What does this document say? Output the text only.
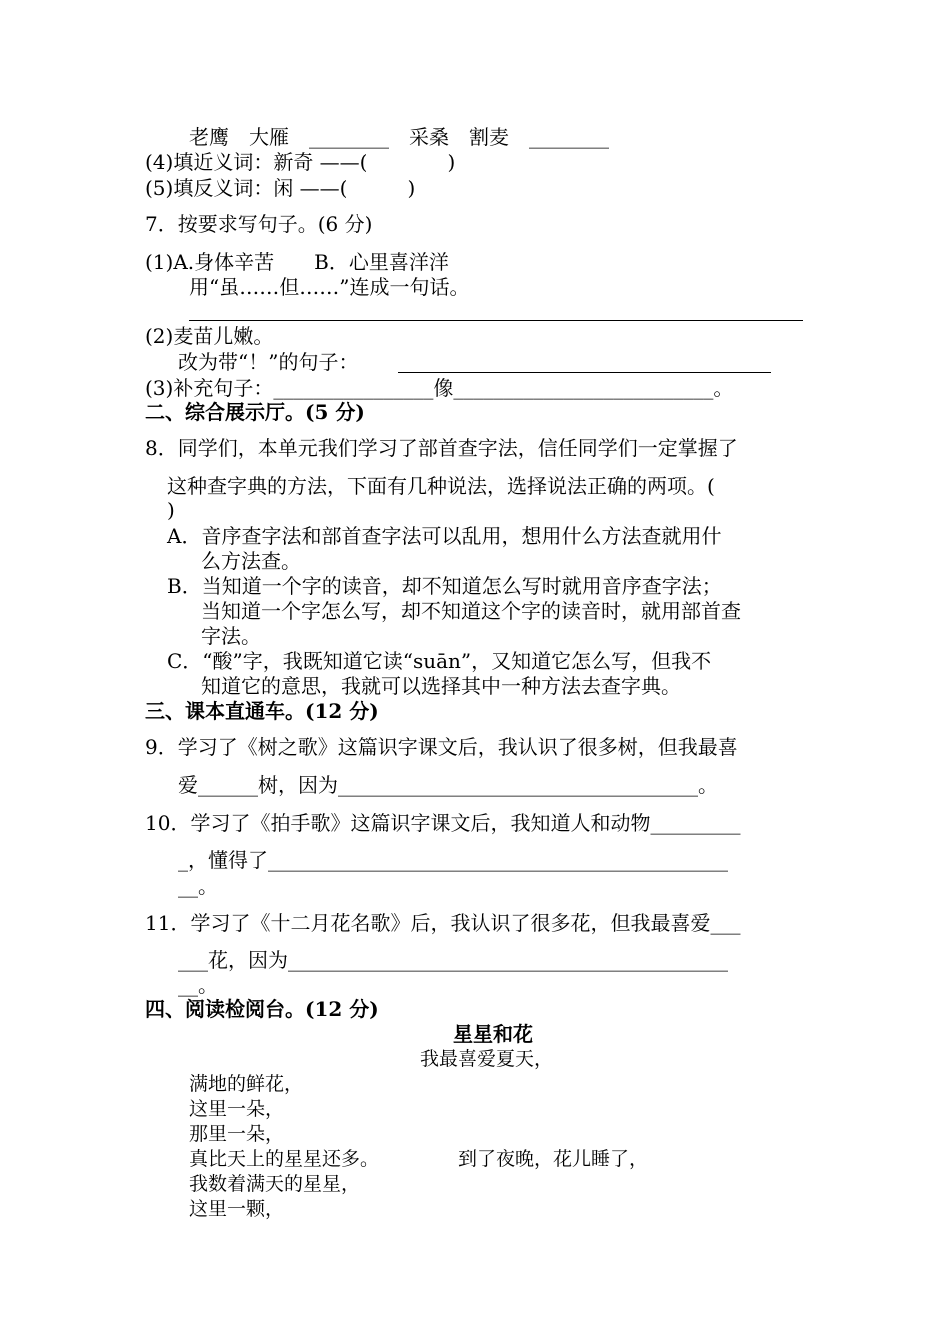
老鹰　大雁　________　采桑　割麦　________
(4)填近义词：新奇 ——(　　　　)
(5)填反义词：闲 ——(　　　)
7．按要求写句子。(6 分)
(1)A.身体辛苦　　B．心里喜洋洋
用“虽……但……”连成一句话。
(2)麦苗儿嫩。
改为带“！”的句子：
(3)补充句子：________________像__________________________。
二、综合展示厅。(5 分)
8．同学们，本单元我们学习了部首查字法，信任同学们一定掌握了
这种查字典的方法，下面有几种说法，选择说法正确的两项。(
)
A．音序查字法和部首查字法可以乱用，想用什么方法查就用什
么方法查。
B．当知道一个字的读音，却不知道怎么写时就用音序查字法；
当知道一个字怎么写，却不知道这个字的读音时，就用部首查
字法。
C．“酸”字，我既知道它读“suān”，又知道它怎么写，但我不
知道它的意思，我就可以选择其中一种方法去查字典。
三、课本直通车。(12 分)
9．学习了《树之歌》这篇识字课文后，我认识了很多树，但我最喜
爱______树，因为____________________________________。
10．学习了《拍手歌》这篇识字课文后，我知道人和动物_________
_，懂得了______________________________________________
__。
11．学习了《十二月花名歌》后，我认识了很多花，但我最喜爱___
___花，因为____________________________________________
__。
四、阅读检阅台。(12 分)
星星和花
我最喜爱夏天，
满地的鲜花，
这里一朵，
那里一朵，
真比天上的星星还多。	到了夜晚，花儿睡了，
我数着满天的星星，
这里一颗，
